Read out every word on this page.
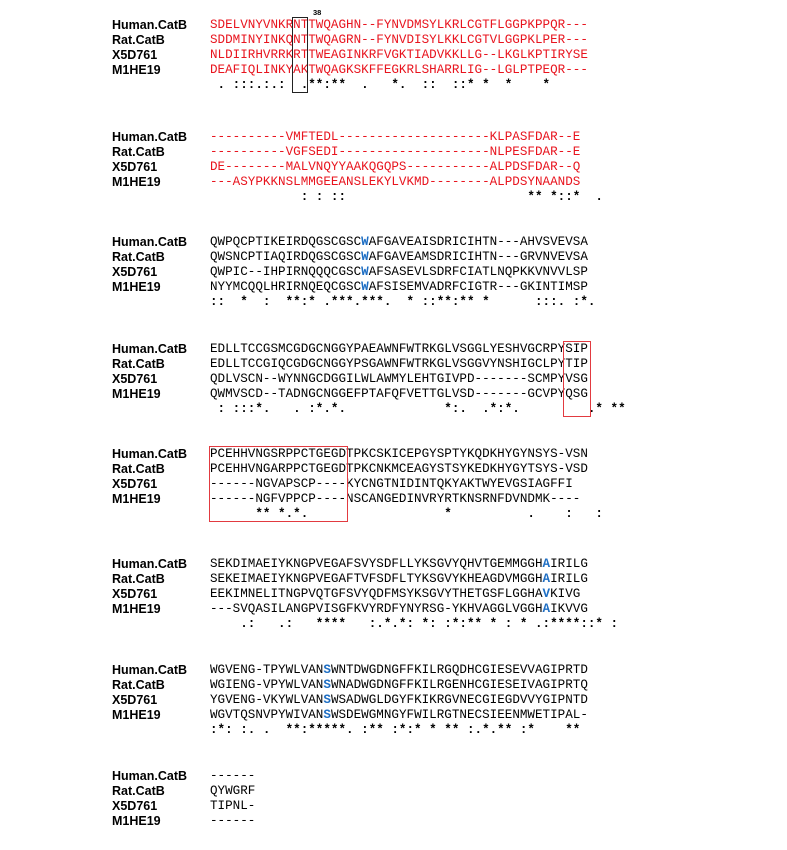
38
Human.CatB
Rat.CatB
X5D761
M1HE19
SDELVNYVNKRNTTWQAGHN--FYNVDMSYLKRLCGTFLGGPKPPQR---
SDDMINYINKQNTTWQAGRN--FYNVDISYLKKLCGTVLGGPKLPER---
NLDIIRHVRRKRTTWEAGINKRFVGKTIADVKKLLG--LKGLKPTIRYSE
DEAFIQLINKYAKTWQAGKSKFFEGKRLSHARRLIG--LGLPTPEQR---
. :::.:.:  .**:**  .   *.  ::  ::* *  *    *
Human.CatB
Rat.CatB
X5D761
M1HE19
----------VMFTEDL--------------------KLPASFDAR--E
----------VGFSEDI--------------------NLPESFDAR--E
DE--------MALVNQYYAAKQGQPS-----------ALPDSFDAR--Q
---ASYPKKNSLMMGEEANSLEKYLVKMD--------ALPDSYNAANDS
: : ::                        ** *::*  .
Human.CatB
Rat.CatB
X5D761
M1HE19
QWPQCPTIKEIRDQGSCGSCWAFGAVEAISDRICIHTN---AHVSVEVSA
QWSNCPTIAQIRDQGSCGSCWAFGAVEAMSDRICIHTN---GRVNVEVSA
QWPIC--IHPIRNQQQCGSCWAFSASEVLSDRFCIATLNQPKKVNVVLSP
NYYMCQQLHRIRNQEQCGSCWAFSISEMVADRFCIGTR---GKINTIMSP
::  *  :  **:* .***.***.  * ::**:** *      :::. :*.
Human.CatB
Rat.CatB
X5D761
M1HE19
EDLLTCCGSMCGDGCNGGYPAEAWNFWTRKGLVSGGLYESHVGCRPYSIP
EDLLTCCGIQCGDGCNGGYPSGAWNFWTRKGLVSGGVYNSHIGCLPYTIP
QDLVSCN--WYNNGCDGGILWLAWMYLEHTGIVPD-------SCMPYVSG
QWMVSCD--TADNGCNGGEFPTAFQFVETTGLVSD-------GCVPYQSG
: :::*.   . :*.*.             *:.  .*:*.         .* **
Human.CatB
Rat.CatB
X5D761
M1HE19
PCEHHVNGSRPPCTGEGDTPKCSKICEPGYSPTYKQDKHYGYNSYS-VSN
PCEHHVNGARPPCTGEGDTPKCNKMCEAGYSTSYKEDKHYGYTSYS-VSD
------NGVAPSCP----KYCNGTNIDINTQKYAKTWYEVGSIAGFFI
------NGFVPPCP----NSCANGEDINVRYRTKNSRNFDVNDMK----
** *.*.                  *          .    :   :
Human.CatB
Rat.CatB
X5D761
M1HE19
SEKDIMAEIYKNGPVEGAFSVYSDFLLYKSGVYQHVTGEMMGGHAIRILG
SEKEIMAEIYKNGPVEGAFTVFSDFLTYKSGVYKHEAGDVMGGHAIRILG
EEKIMNELITNGPVQTGFSVYQDFMSYKSGVYTHETGSFLGGHAVKIVG
---SVQASILANGPVISGFKVYRDFYNYRSG-YKHVAGGLVGGHAIKVVG
.:   .:   ****   :.*.*: *: :*:** * : * .:****::* :
Human.CatB
Rat.CatB
X5D761
M1HE19
WGVENG-TPYWLVANSWNTDWGDNGFFKILRGQDHCGIESEVVAGIPRTD
WGIENG-VPYWLVANSWNADWGDNGFFKILRGENHCGIESEIVAGIPRTQ
YGVENG-VKYWLVANSWSADWGLDGYFKIKRGVNECGIEGDVVYGIPNTD
WGVTQSNVPYWIVANSWSDEWGMNGYFWILRGTNECSIEENMWETIPAL-
:*: :. .  **:*****. :** :*:* * ** :.*.** :*    **
Human.CatB
Rat.CatB
X5D761
M1HE19
------
QYWGRF
TIPNL-
------
